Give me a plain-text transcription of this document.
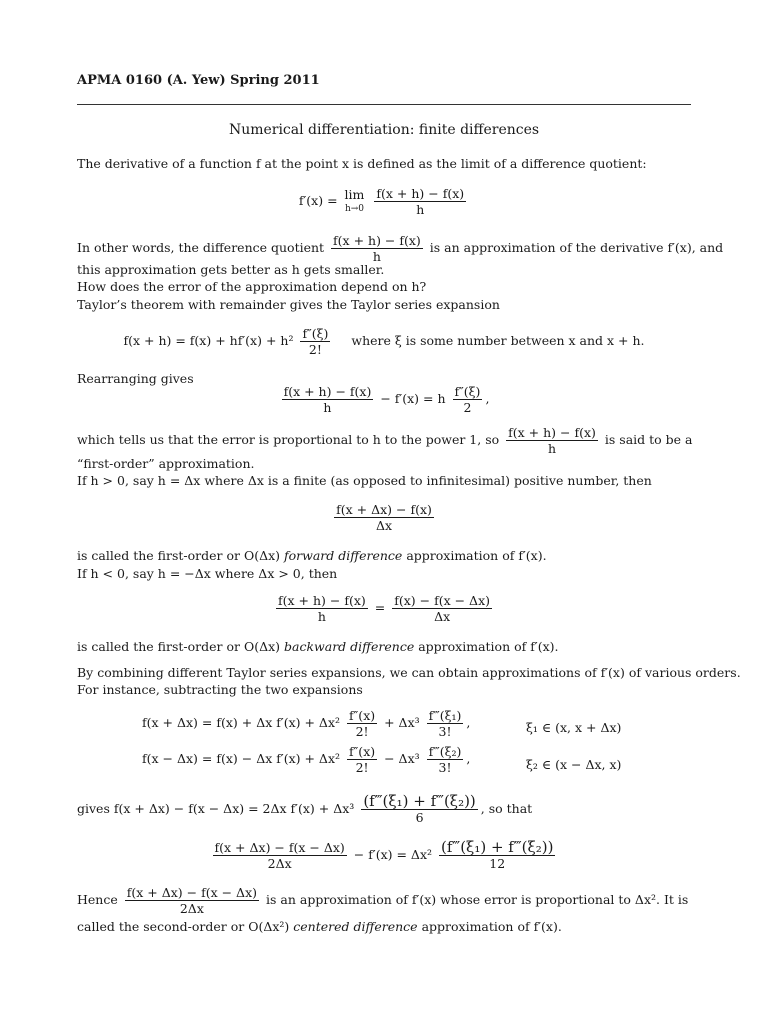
APMA 0160 (A. Yew) Spring 2011
Numerical differentiation: finite differences
The derivative of a function f at the point x is defined as the limit of a difference quotient:
f′(x) = lim
h→0
$\frac{f(x + h) - f(x)}{h}$
In other words, the difference quotient $\frac{f(x + h) - f(x)}{h}$ is an approximation of the derivative f′(x), and
this approximation gets better as h gets smaller.
How does the error of the approximation depend on h?
Taylor’s theorem with remainder gives the Taylor series expansion
$f(x + h) = f(x) + hf'(x) + h^2 \frac{f''(\xi)}{2!}$ where ξ is some number between x and x + h.
Rearranging gives
$\frac{f(x + h) - f(x)}{h} - f'(x) = h \frac{f''(\xi)}{2}$ ,
which tells us that the error is proportional to h to the power 1, so $\frac{f(x + h) - f(x)}{h}$ is said to be a
“first-order” approximation.
If h > 0, say h = Δx where Δx is a finite (as opposed to infinitesimal) positive number, then
$\frac{f(x + \Delta x) - f(x)}{\Delta x}$
is called the first-order or O(Δx) forward difference approximation of f′(x).
If h < 0, say h = −Δx where Δx > 0, then
$\frac{f(x + h) - f(x)}{h} = \frac{f(x) - f(x - \Delta x)}{\Delta x}$
is called the first-order or O(Δx) backward difference approximation of f′(x).
By combining different Taylor series expansions, we can obtain approximations of f′(x) of various orders.
For instance, subtracting the two expansions
f(x + Δx) = f(x) + Δx $f'(x) + \Delta x^2 \frac{f''(x)}{2!} + \Delta x^3 \frac{\text{f‴(ξ₁)}}{3!}$ ,	ξ₁ ∈ (x, x + Δx)
f(x − Δx) = f(x) − Δx $f'(x) + \Delta x^2 \frac{f''(x)}{2!} - \Delta x^3 \frac{\text{f‴(ξ₂)}}{3!}$ ,	ξ₂ ∈ (x − Δx, x)
gives f(x + Δx) − f(x − Δx) = 2Δx $f'(x) + \Delta x^3 \frac{\text{(f‴(ξ₁) + f‴(ξ₂))}}{6}$ , so that
$\frac{f(x + \Delta x) - f(x - \Delta x)}{2\Delta x} - f'(x) = \Delta x^2 \frac{\text{(f‴(ξ₁) + f‴(ξ₂))}}{12}$
Hence $\frac{f(x + \Delta x) - f(x - \Delta x)}{2\Delta x}$ is an approximation of f′(x) whose error is proportional to Δx². It is
called the second-order or O(Δx²) centered difference approximation of f′(x).
